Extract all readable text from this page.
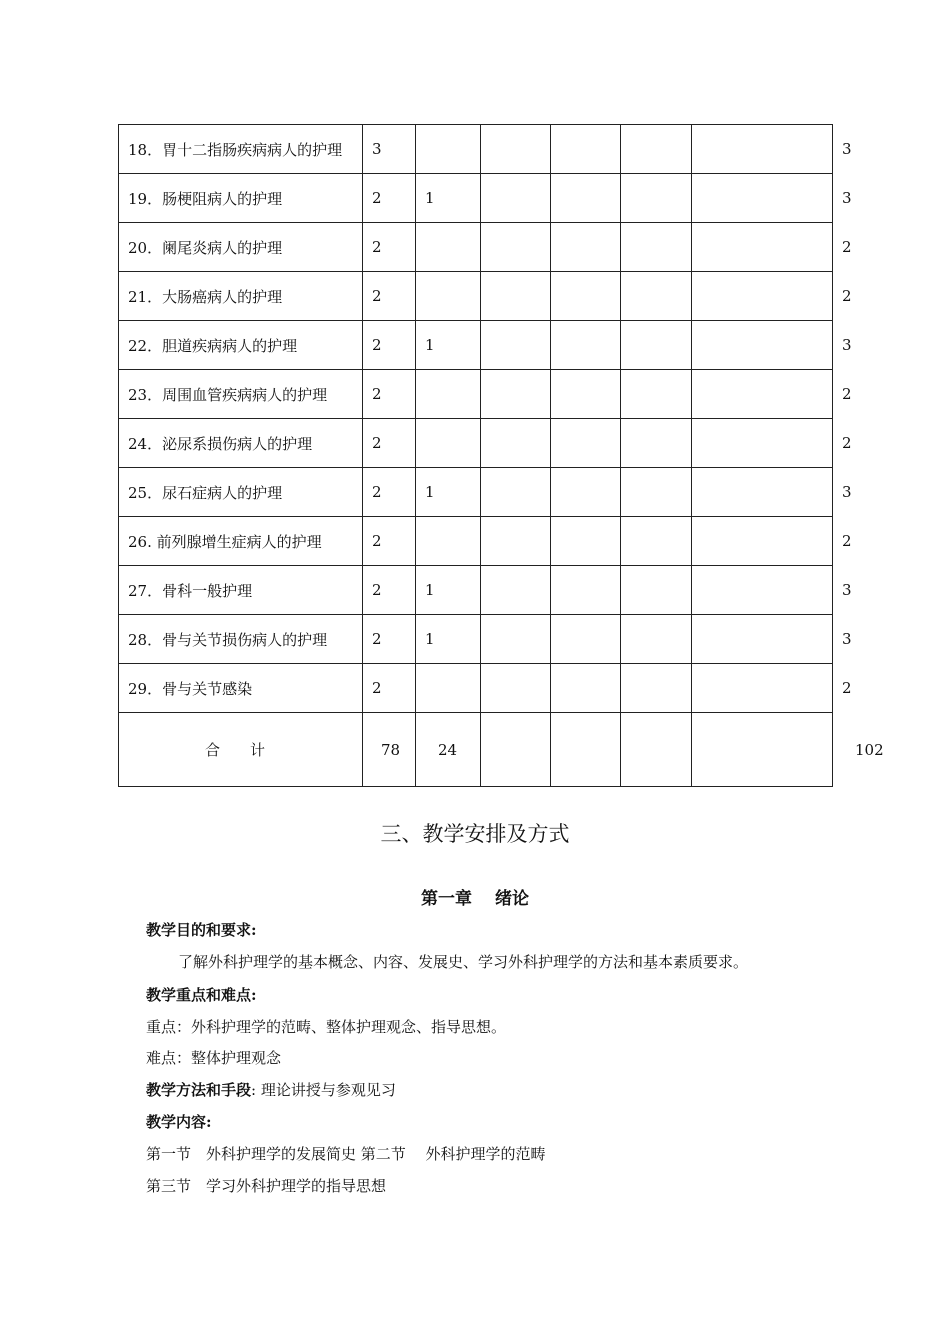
18．胃十二指肠疾病病人的护理	3						3
19．肠梗阻病人的护理	2	1					3
20．阑尾炎病人的护理	2						2
21．大肠癌病人的护理	2						2
22．胆道疾病病人的护理	2	1					3
23．周围血管疾病病人的护理	2						2
24．泌尿系损伤病人的护理	2						2
25．尿石症病人的护理	2	1					3
26. 前列腺增生症病人的护理	2						2
27．骨科一般护理	2	1					3
28．骨与关节损伤病人的护理	2	1					3
29．骨与关节感染	2						2
合　　计	78	24					102
三、教学安排及方式
第一章　 绪论
教学目的和要求:
了解外科护理学的基本概念、内容、发展史、学习外科护理学的方法和基本素质要求。
教学重点和难点:
重点：外科护理学的范畴、整体护理观念、指导思想。
难点：整体护理观念
教学方法和手段: 理论讲授与参观见习
教学内容:
第一节　外科护理学的发展简史 第二节　 外科护理学的范畴
第三节　学习外科护理学的指导思想
